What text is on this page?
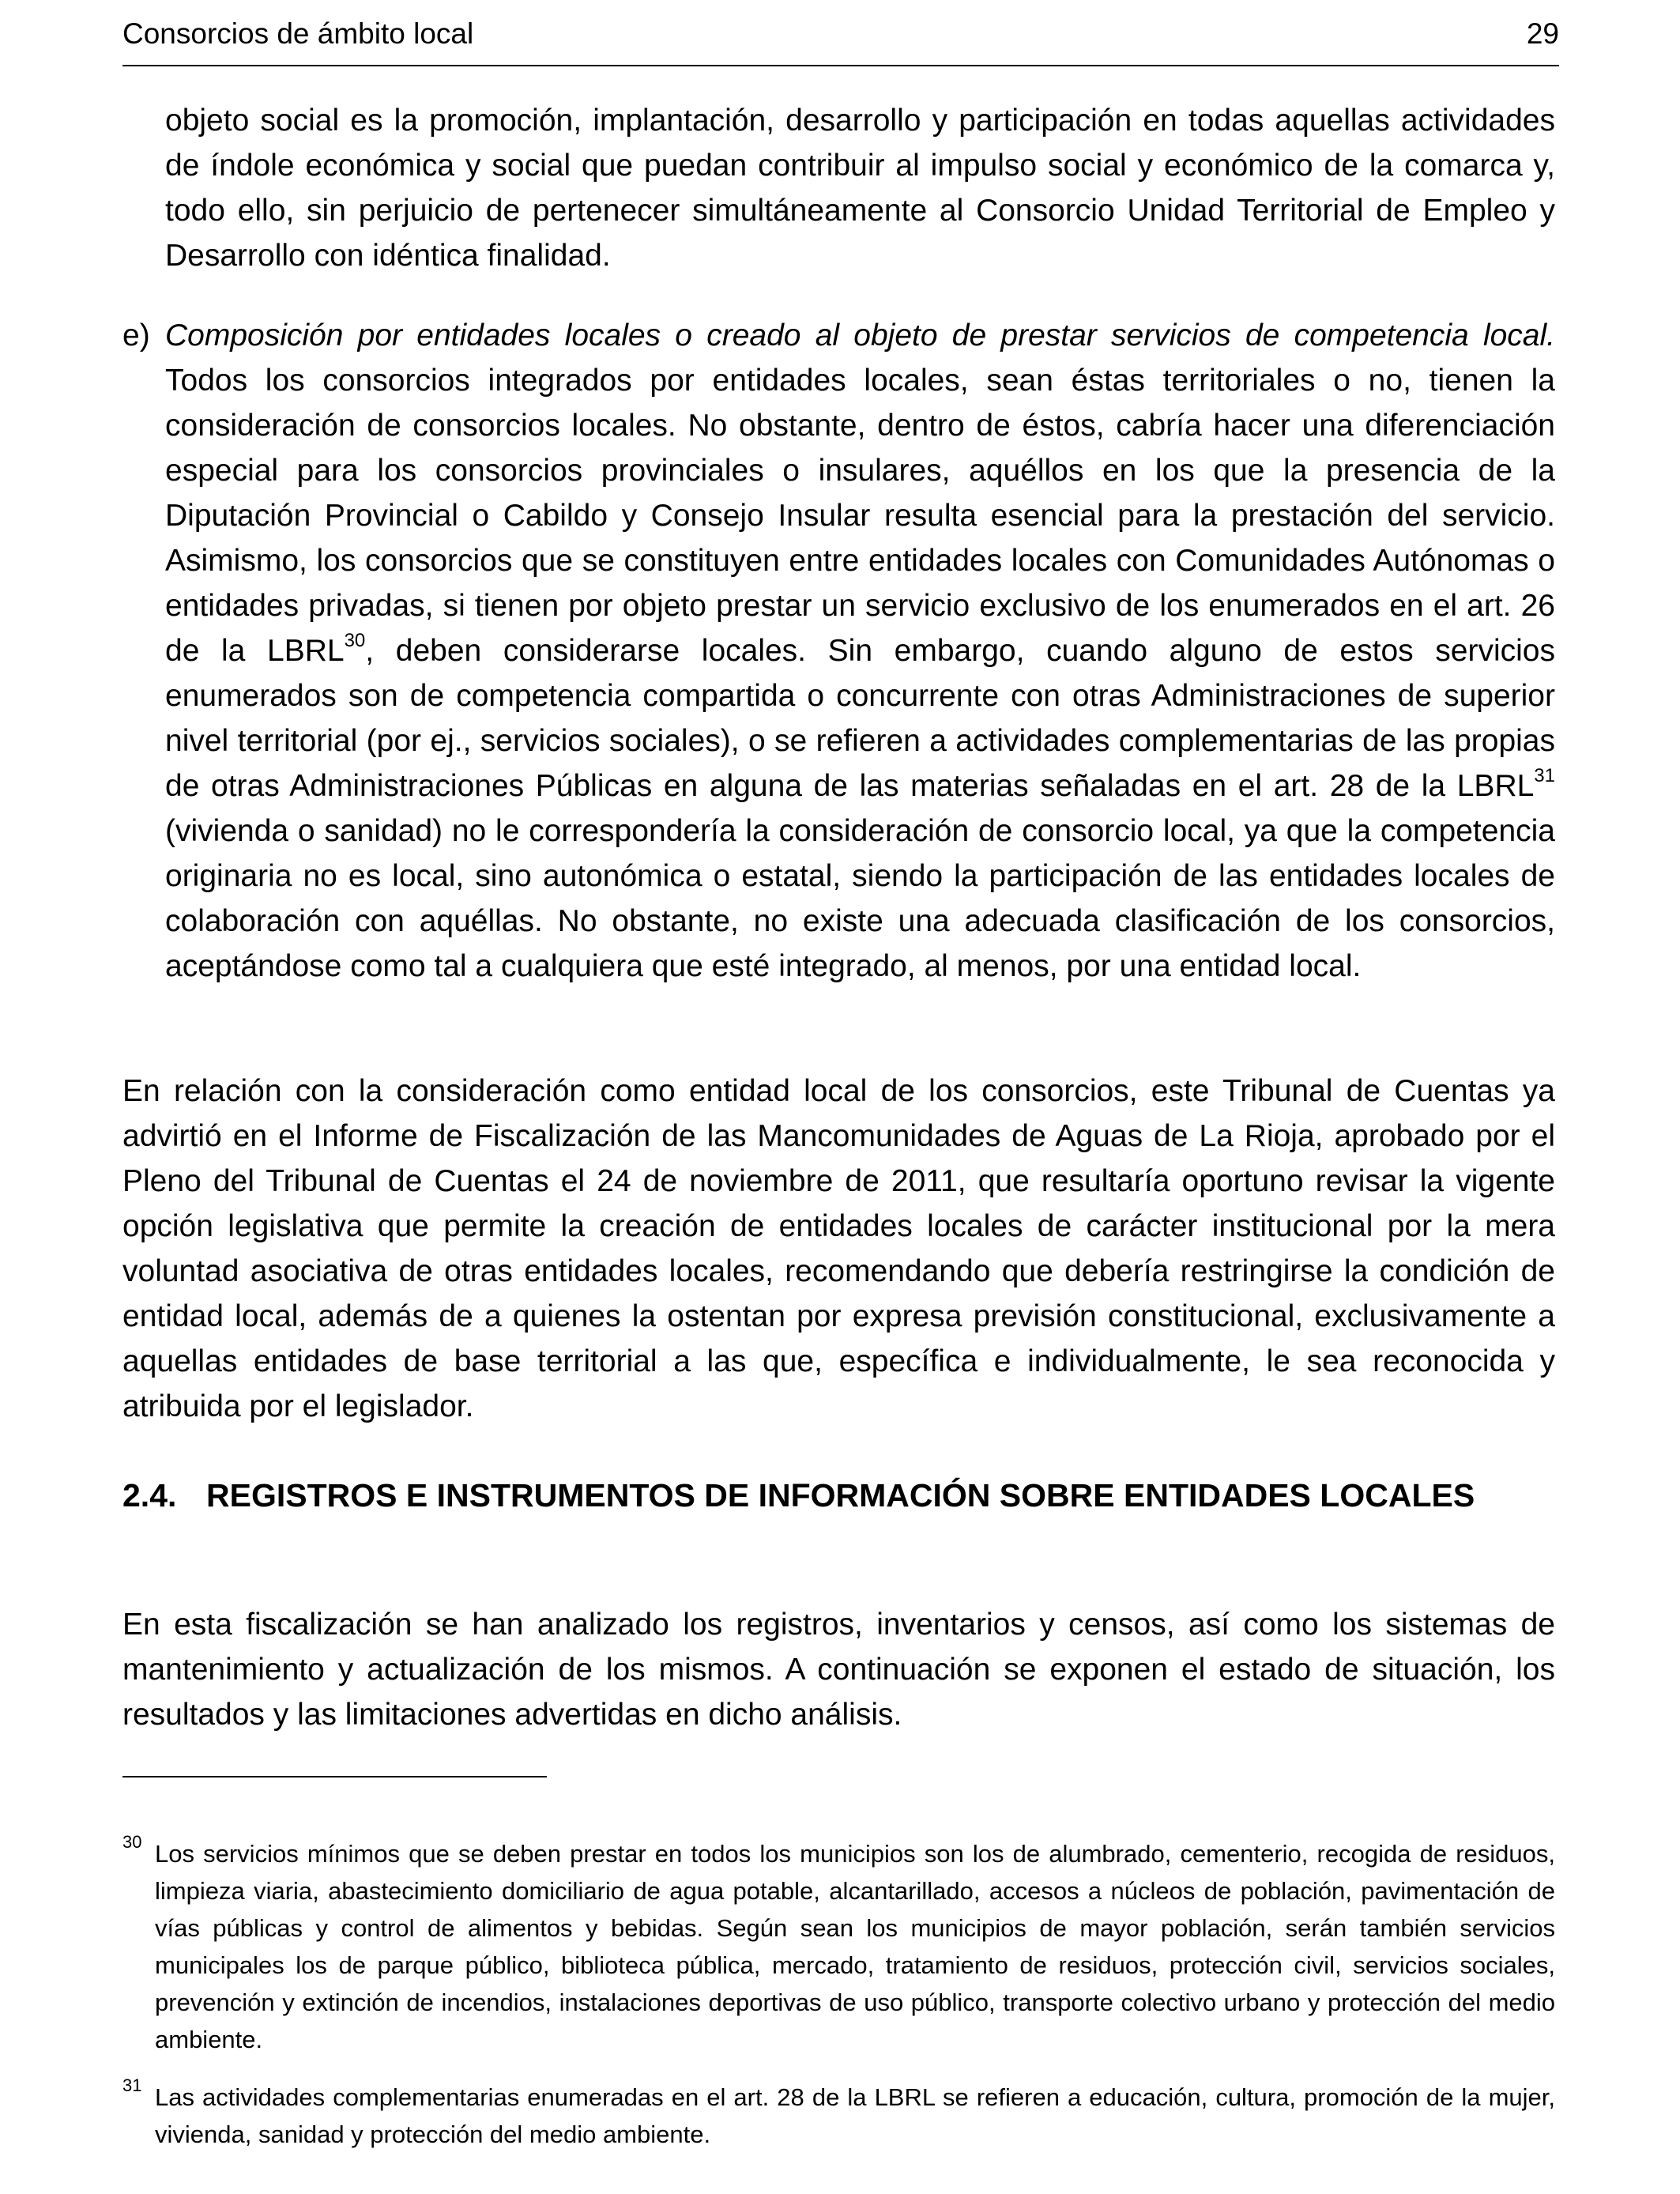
Consorcios de ámbito local	29

objeto social es la promoción, implantación, desarrollo y participación en todas aquellas actividades de índole económica y social que puedan contribuir al impulso social y económico de la comarca y, todo ello, sin perjuicio de pertenecer simultáneamente al Consorcio Unidad Territorial de Empleo y Desarrollo con idéntica finalidad.

e) Composición por entidades locales o creado al objeto de prestar servicios de competencia local. Todos los consorcios integrados por entidades locales, sean éstas territoriales o no, tienen la consideración de consorcios locales. No obstante, dentro de éstos, cabría hacer una diferenciación especial para los consorcios provinciales o insulares, aquéllos en los que la presencia de la Diputación Provincial o Cabildo y Consejo Insular resulta esencial para la prestación del servicio. Asimismo, los consorcios que se constituyen entre entidades locales con Comunidades Autónomas o entidades privadas, si tienen por objeto prestar un servicio exclusivo de los enumerados en el art. 26 de la LBRL$^{30}$, deben considerarse locales. Sin embargo, cuando alguno de estos servicios enumerados son de competencia compartida o concurrente con otras Administraciones de superior nivel territorial (por ej., servicios sociales), o se refieren a actividades complementarias de las propias de otras Administraciones Públicas en alguna de las materias señaladas en el art. 28 de la LBRL$^{31}$ (vivienda o sanidad) no le correspondería la consideración de consorcio local, ya que la competencia originaria no es local, sino autonómica o estatal, siendo la participación de las entidades locales de colaboración con aquéllas. No obstante, no existe una adecuada clasificación de los consorcios, aceptándose como tal a cualquiera que esté integrado, al menos, por una entidad local.

En relación con la consideración como entidad local de los consorcios, este Tribunal de Cuentas ya advirtió en el Informe de Fiscalización de las Mancomunidades de Aguas de La Rioja, aprobado por el Pleno del Tribunal de Cuentas el 24 de noviembre de 2011, que resultaría oportuno revisar la vigente opción legislativa que permite la creación de entidades locales de carácter institucional por la mera voluntad asociativa de otras entidades locales, recomendando que debería restringirse la condición de entidad local, además de a quienes la ostentan por expresa previsión constitucional, exclusivamente a aquellas entidades de base territorial a las que, específica e individualmente, le sea reconocida y atribuida por el legislador.

2.4. REGISTROS E INSTRUMENTOS DE INFORMACIÓN SOBRE ENTIDADES LOCALES

En esta fiscalización se han analizado los registros, inventarios y censos, así como los sistemas de mantenimiento y actualización de los mismos. A continuación se exponen el estado de situación, los resultados y las limitaciones advertidas en dicho análisis.

30 Los servicios mínimos que se deben prestar en todos los municipios son los de alumbrado, cementerio, recogida de residuos, limpieza viaria, abastecimiento domiciliario de agua potable, alcantarillado, accesos a núcleos de población, pavimentación de vías públicas y control de alimentos y bebidas. Según sean los municipios de mayor población, serán también servicios municipales los de parque público, biblioteca pública, mercado, tratamiento de residuos, protección civil, servicios sociales, prevención y extinción de incendios, instalaciones deportivas de uso público, transporte colectivo urbano y protección del medio ambiente.

31 Las actividades complementarias enumeradas en el art. 28 de la LBRL se refieren a educación, cultura, promoción de la mujer, vivienda, sanidad y protección del medio ambiente.
